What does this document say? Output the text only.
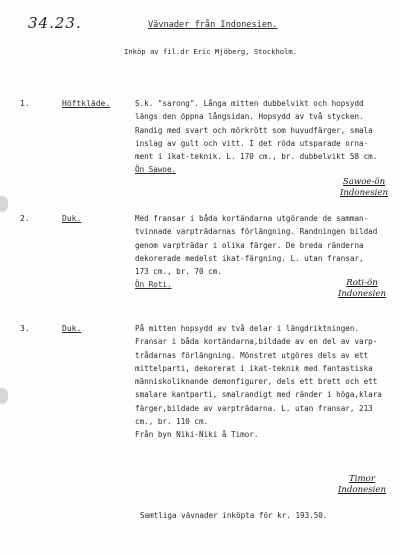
34.23.	Vävnader från Indonesien.
Inköp av fil.dr Eric Mjöberg, Stockholm.
1.	Höftkläde.	S.k. "sarong". Långa mitten dubbelvikt och hopsydd
längs den öppna långsidan. Hopsydd av två stycken.
Randig med svart och mörkrött som huvudfärger, smala
inslag av gult och vitt. I det röda utsparade orna-
ment i ikat-teknik. L. 170 cm., br. dubbelvikt 58 cm.
Ön Sawoe.
Sawoe-ön
Indonesien
2.	Duk.	Med fransar i båda kortändarna utgörande de samman-
tvinnade varpträdarnas förlängning. Randningen bildad
genom varpträdar i olika färger. De breda ränderna
dekorerade medelst ikat-färgning. L. utan fransar,
173 cm., br. 70 cm.
Ön Roti.	Roti-ön
Indonesien
3.	Duk.	På mitten hopsydd av två delar i längdriktningen.
Fransar i båda kortändarna,bildade av en del av varp-
trådarnas förlängning. Mönstret utgöres dels av ett
mittelparti, dekorerat i ikat-teknik med fantastiska
människoliknande demonfigurer, dels ett brett och ett
smalare kantparti, smalrandigt med ränder i höga,klara
färger,bildade av varpträdarna. L. utan fransar, 213
cm., br. 110 cm.
Från byn Niki-Niki å Timor.
Timor
Indonesien
Samtliga vävnader inköpta för kr. 193.50.
